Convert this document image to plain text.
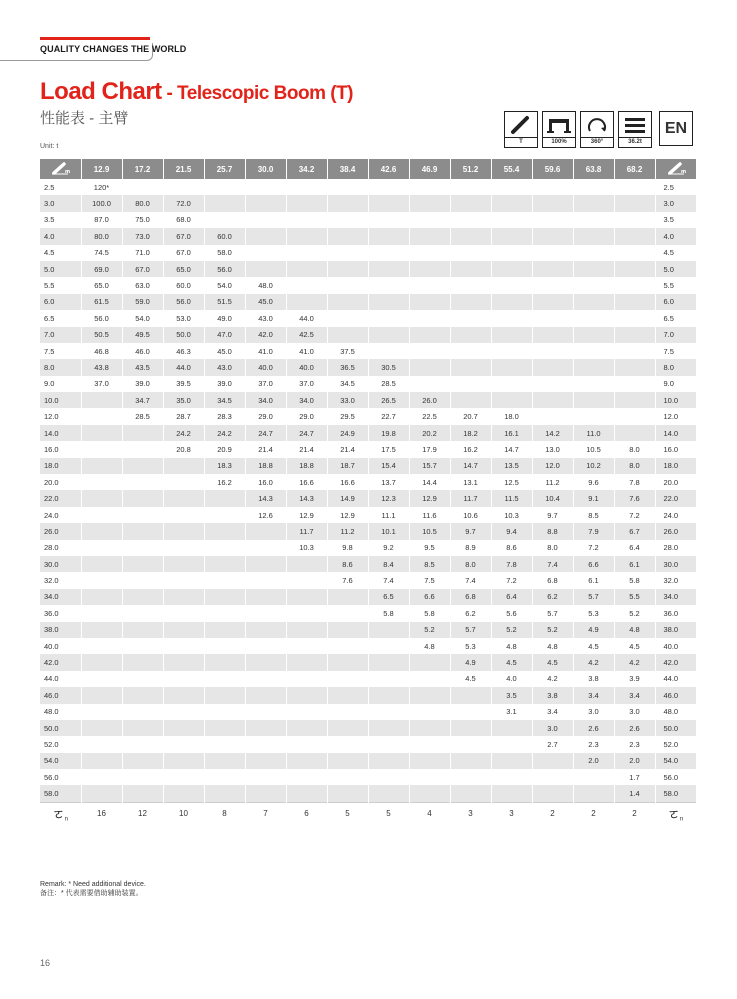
QUALITY CHANGES THE WORLD
Load Chart - Telescopic Boom (T)
性能表 - 主臂
Unit: t
T	100%	360°	36.2t
EN
m	12.9	17.2	21.5	25.7	30.0	34.2	38.4	42.6	46.9	51.2	55.4	59.6	63.8	68.2	m

2.5	120*														2.5
3.0	100.0	80.0	72.0												3.0
3.5	87.0	75.0	68.0												3.5
4.0	80.0	73.0	67.0	60.0											4.0
4.5	74.5	71.0	67.0	58.0											4.5
5.0	69.0	67.0	65.0	56.0											5.0
5.5	65.0	63.0	60.0	54.0	48.0										5.5
6.0	61.5	59.0	56.0	51.5	45.0										6.0
6.5	56.0	54.0	53.0	49.0	43.0	44.0									6.5
7.0	50.5	49.5	50.0	47.0	42.0	42.5									7.0
7.5	46.8	46.0	46.3	45.0	41.0	41.0	37.5								7.5
8.0	43.8	43.5	44.0	43.0	40.0	40.0	36.5	30.5							8.0
9.0	37.0	39.0	39.5	39.0	37.0	37.0	34.5	28.5							9.0
10.0		34.7	35.0	34.5	34.0	34.0	33.0	26.5	26.0						10.0
12.0		28.5	28.7	28.3	29.0	29.0	29.5	22.7	22.5	20.7	18.0				12.0
14.0			24.2	24.2	24.7	24.7	24.9	19.8	20.2	18.2	16.1	14.2	11.0		14.0
16.0			20.8	20.9	21.4	21.4	21.4	17.5	17.9	16.2	14.7	13.0	10.5	8.0	16.0
18.0				18.3	18.8	18.8	18.7	15.4	15.7	14.7	13.5	12.0	10.2	8.0	18.0
20.0				16.2	16.0	16.6	16.6	13.7	14.4	13.1	12.5	11.2	9.6	7.8	20.0
22.0					14.3	14.3	14.9	12.3	12.9	11.7	11.5	10.4	9.1	7.6	22.0
24.0					12.6	12.9	12.9	11.1	11.6	10.6	10.3	9.7	8.5	7.2	24.0
26.0						11.7	11.2	10.1	10.5	9.7	9.4	8.8	7.9	6.7	26.0
28.0						10.3	9.8	9.2	9.5	8.9	8.6	8.0	7.2	6.4	28.0
30.0							8.6	8.4	8.5	8.0	7.8	7.4	6.6	6.1	30.0
32.0							7.6	7.4	7.5	7.4	7.2	6.8	6.1	5.8	32.0
34.0								6.5	6.6	6.8	6.4	6.2	5.7	5.5	34.0
36.0								5.8	5.8	6.2	5.6	5.7	5.3	5.2	36.0
38.0									5.2	5.7	5.2	5.2	4.9	4.8	38.0
40.0									4.8	5.3	4.8	4.8	4.5	4.5	40.0
42.0										4.9	4.5	4.5	4.2	4.2	42.0
44.0										4.5	4.0	4.2	3.8	3.9	44.0
46.0											3.5	3.8	3.4	3.4	46.0
48.0											3.1	3.4	3.0	3.0	48.0
50.0												3.0	2.6	2.6	50.0
52.0												2.7	2.3	2.3	52.0
54.0													2.0	2.0	54.0
56.0														1.7	56.0
58.0														1.4	58.0
ㄛ$_n$	16	12	10	8	7	6	5	5	4	3	3	2	2	2	ㄛ$_n$
Remark: * Need additional device.
备注：* 代表需要借助辅助装置。
16
